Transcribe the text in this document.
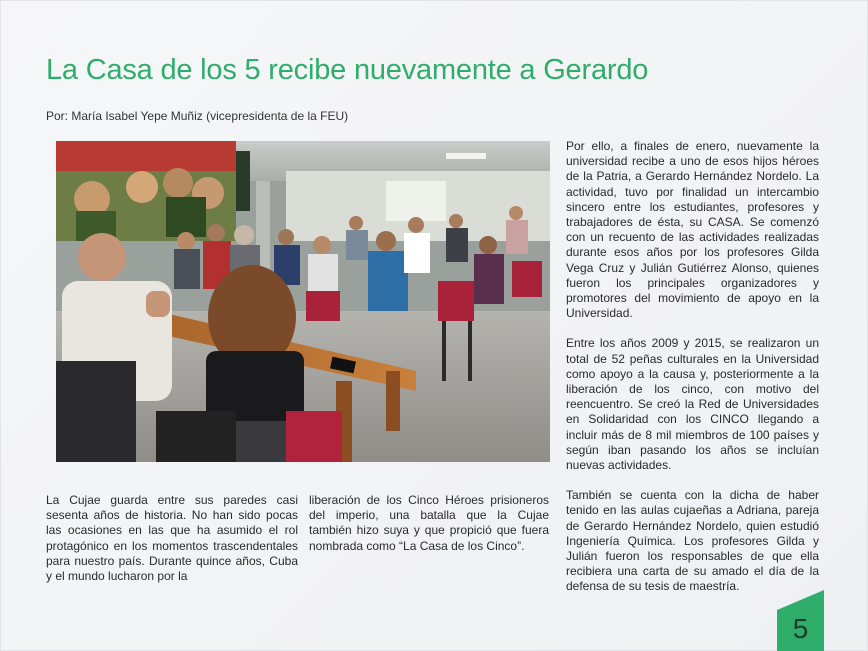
La Casa de los 5 recibe nuevamente a Gerardo
Por: María Isabel Yepe Muñiz (vicepresidenta de la FEU)

Por ello, a finales de enero, nuevamente la universidad recibe a uno de esos hijos héroes de la Patria, a Gerardo Hernández Nordelo. La actividad, tuvo por finalidad un intercambio sincero entre los estudiantes, profesores y trabajadores de ésta, su CASA. Se comenzó con un recuento de las actividades realizadas durante esos años por los profesores Gilda Vega Cruz y Julián Gutiérrez Alonso, quienes fueron los principales organizadores y promotores del movimiento de apoyo en la Universidad.

Entre los años 2009 y 2015, se realizaron un total de 52 peñas culturales en la Universidad como apoyo a la causa y, posteriormente a la liberación de los cinco, con motivo del reencuentro. Se creó la Red de Universidades en Solidaridad con los CINCO llegando a incluir más de 8 mil miembros de 100 países y según iban pasando los años se incluían nuevas actividades.

También se cuenta con la dicha de haber tenido en las aulas cujaeñas a Adriana, pareja de Gerardo Hernández Nordelo, quien estudió Ingeniería Química. Los profesores Gilda y Julián fueron los responsables de que ella recibiera una carta de su amado el día de la defensa de su tesis de maestría.

La Cujae guarda entre sus paredes casi sesenta años de historia. No han sido pocas las ocasiones en las que ha asumido el rol protagónico en los momentos trascendentales para nuestro país. Durante quince años, Cuba y el mundo lucharon por la

liberación de los Cinco Héroes prisioneros del imperio, una batalla que la Cujae también hizo suya y que propició que fuera nombrada como “La Casa de los Cinco”.

5
